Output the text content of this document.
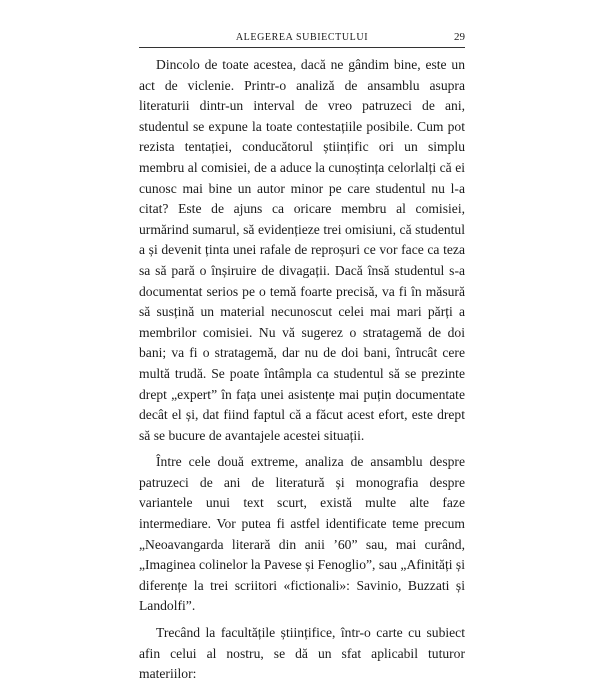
ALEGEREA SUBIECTULUI	29

Dincolo de toate acestea, dacă ne gândim bine, este un act de viclenie. Printr-o analiză de ansamblu asupra literaturii dintr-un interval de vreo patruzeci de ani, studentul se expune la toate contestațiile posibile. Cum pot rezista tentației, conducătorul științific ori un simplu membru al comisiei, de a aduce la cunoștința celorlalți că ei cunosc mai bine un autor minor pe care studentul nu l-a citat? Este de ajuns ca oricare membru al comisiei, urmărind sumarul, să evidențieze trei omisiuni, că studentul a și devenit ținta unei rafale de reproșuri ce vor face ca teza sa să pară o înșiruire de divagații. Dacă însă studentul s-a documentat serios pe o temă foarte precisă, va fi în măsură să susțină un material necunoscut celei mai mari părți a membrilor comisiei. Nu vă sugerez o stratagemă de doi bani; va fi o stratagemă, dar nu de doi bani, întrucât cere multă trudă. Se poate întâmpla ca studentul să se prezinte drept „expert” în fața unei asistențe mai puțin documentate decât el și, dat fiind faptul că a făcut acest efort, este drept să se bucure de avantajele acestei situații.

Între cele două extreme, analiza de ansamblu despre patruzeci de ani de literatură și monografia despre variantele unui text scurt, există multe alte faze intermediare. Vor putea fi astfel identificate teme precum „Neoavangarda literară din anii ’60” sau, mai curând, „Imaginea colinelor la Pavese și Fenoglio”, sau „Afinități și diferențe la trei scriitori «fictionali»: Savinio, Buzzati și Landolfi”.

Trecând la facultățile științifice, într-o carte cu subiect afin celui al nostru, se dă un sfat aplicabil tuturor materiilor:
